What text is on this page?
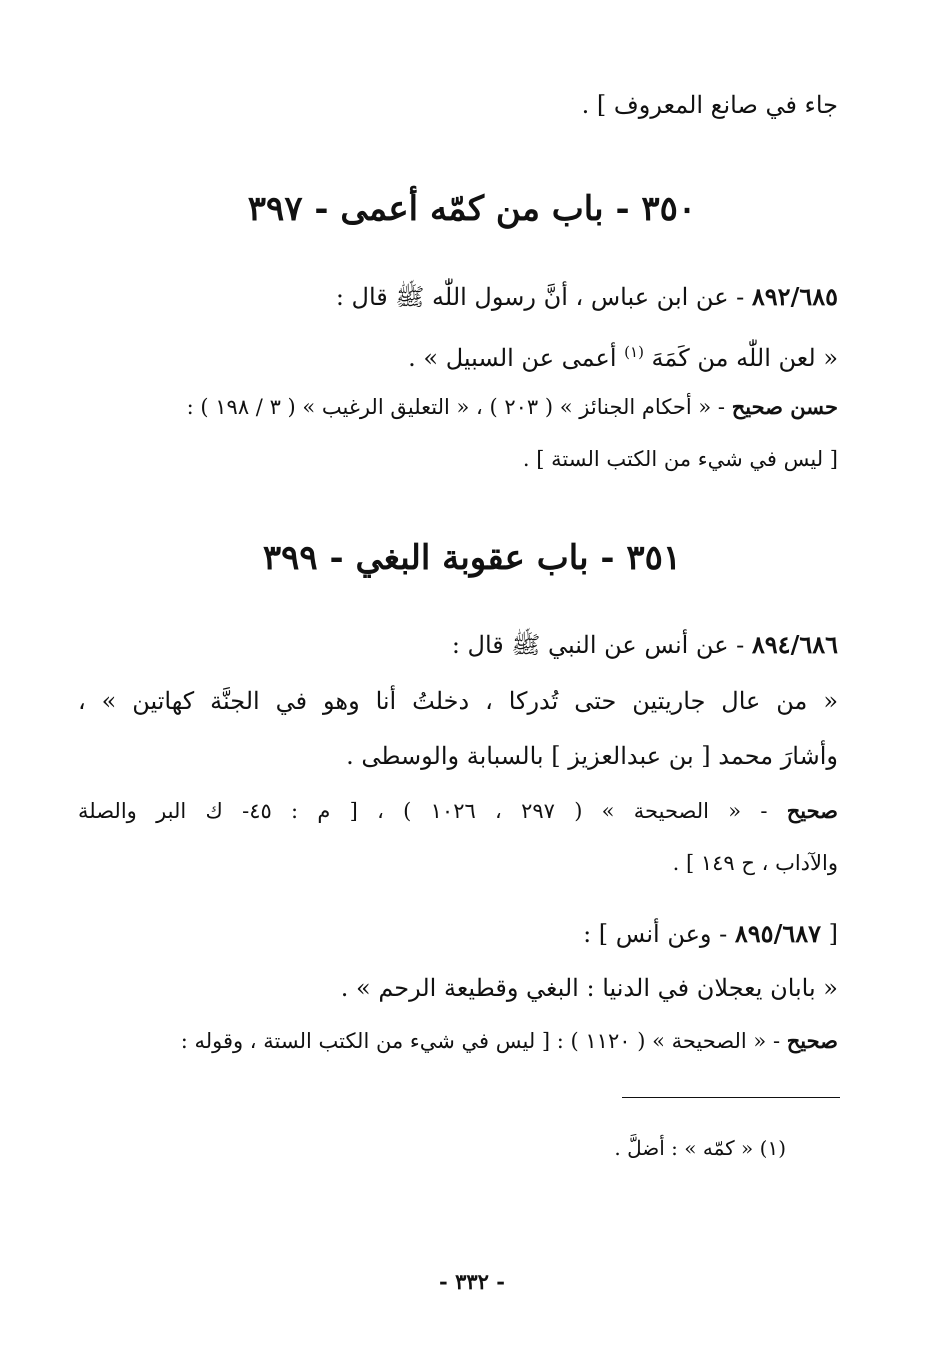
جاء في صانع المعروف ] .
٣٥٠ - باب من كمّه أعمى - ٣٩٧
٨٩٢/٦٨٥ - عن ابن عباس ، أنَّ رسول اللّٰه ﷺ قال :
« لعن اللّٰه من كَمَهَ $^{(١)}$ أعمى عن السبيل » .
حسن صحيح - « أحكام الجنائز » ( ٢٠٣ ) ، « التعليق الرغيب » ( ٣ / ١٩٨ ) :
[ ليس في شيء من الكتب الستة ] .
٣٥١ - باب عقوبة البغي - ٣٩٩
٨٩٤/٦٨٦ - عن أنس عن النبي ﷺ قال :
« من عال جاريتين حتى تُدركا ، دخلتُ أنا وهو في الجنَّة كهاتين » ،
وأشارَ محمد [ بن عبدالعزيز ] بالسبابة والوسطى .
صحيح - « الصحيحة » ( ٢٩٧ ، ١٠٢٦ ) ، [ م : ٤٥- ك البر والصلة
والآداب ، ح ١٤٩ ] .
[ ٨٩٥/٦٨٧ - وعن أنس ] :
« بابان يعجلان في الدنيا : البغي وقطيعة الرحم » .
صحيح - « الصحيحة » ( ١١٢٠ ) : [ ليس في شيء من الكتب الستة ، وقوله :
(١) « كمّه » : أضلَّ .
- ٣٣٢ -
